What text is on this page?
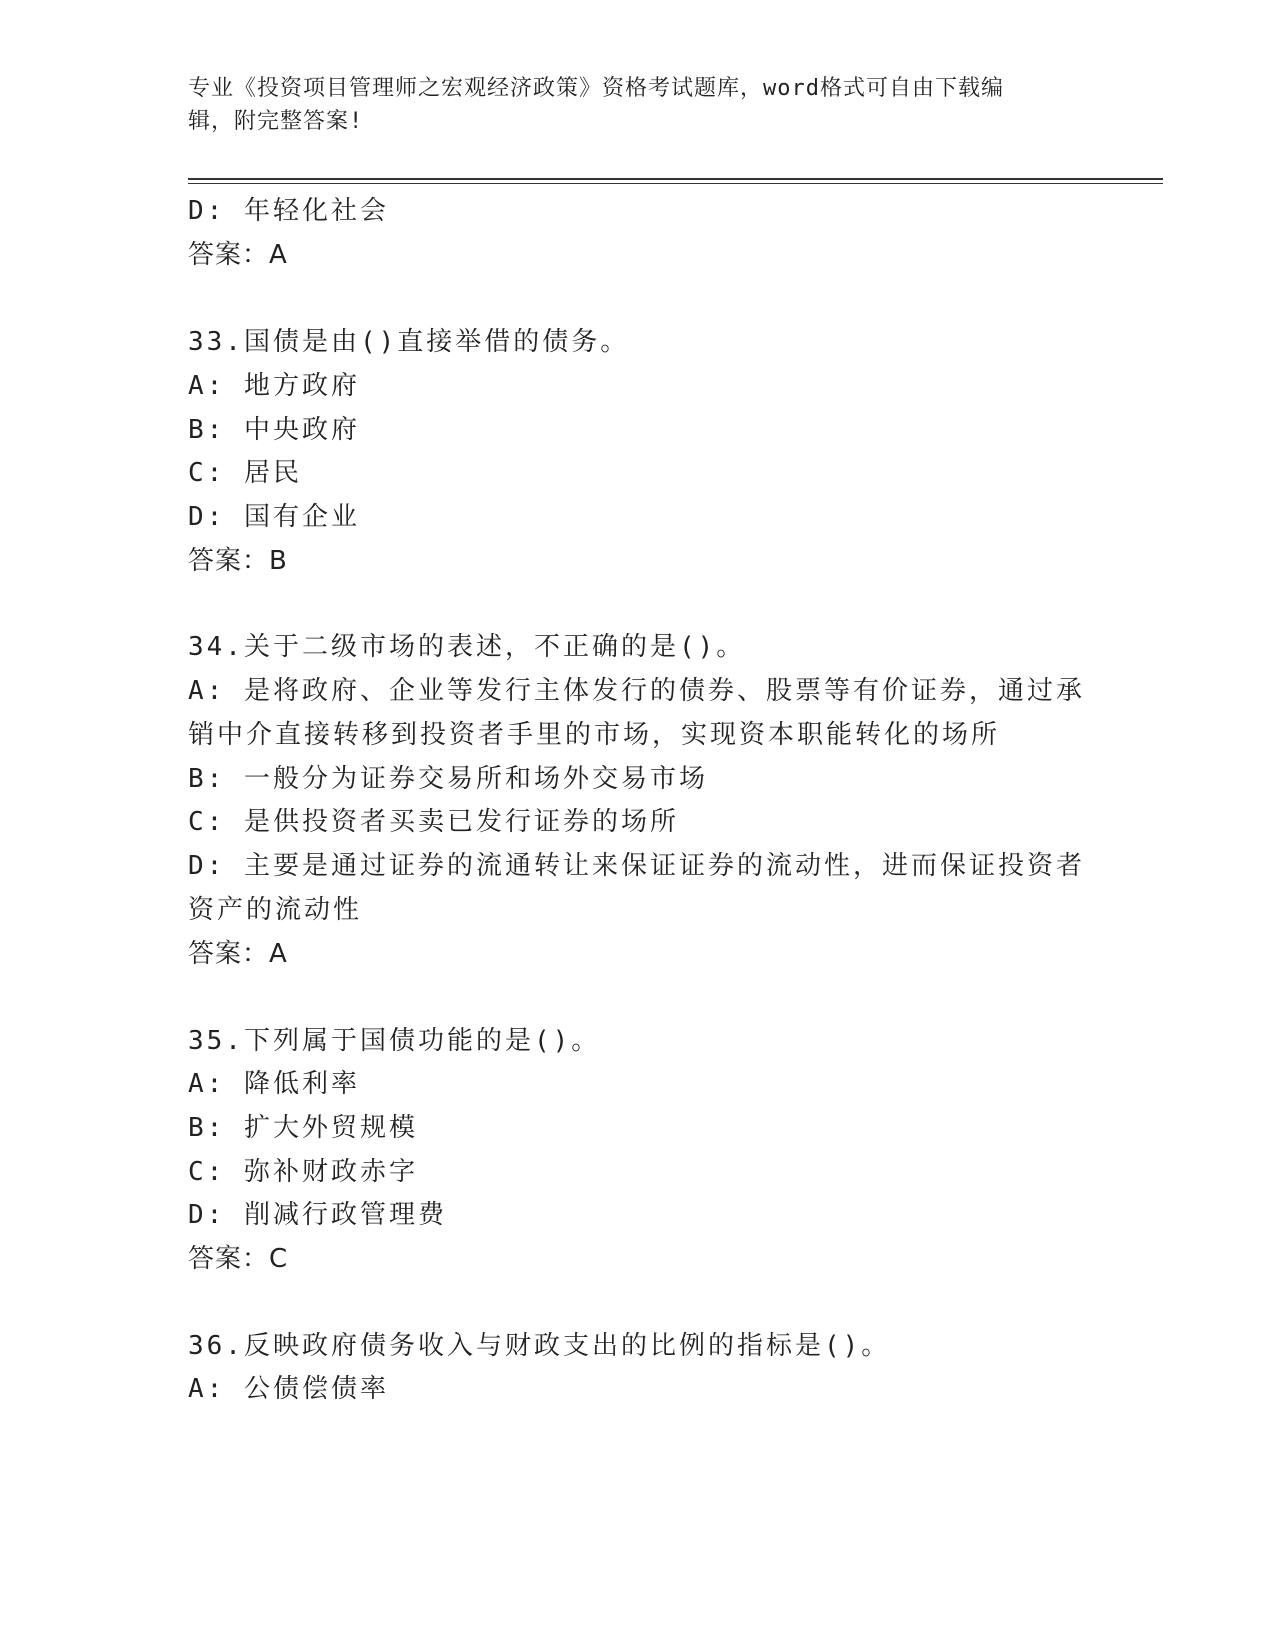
专业《投资项目管理师之宏观经济政策》资格考试题库，word格式可自由下载编
辑，附完整答案!
D: 年轻化社会
答案：A
33.国债是由()直接举借的债务。
A: 地方政府
B: 中央政府
C: 居民
D: 国有企业
答案：B
34.关于二级市场的表述，不正确的是()。
A: 是将政府、企业等发行主体发行的债券、股票等有价证券，通过承
销中介直接转移到投资者手里的市场，实现资本职能转化的场所
B: 一般分为证券交易所和场外交易市场
C: 是供投资者买卖已发行证券的场所
D: 主要是通过证券的流通转让来保证证券的流动性，进而保证投资者
资产的流动性
答案：A
35.下列属于国债功能的是()。
A: 降低利率
B: 扩大外贸规模
C: 弥补财政赤字
D: 削减行政管理费
答案：C
36.反映政府债务收入与财政支出的比例的指标是()。
A: 公债偿债率
